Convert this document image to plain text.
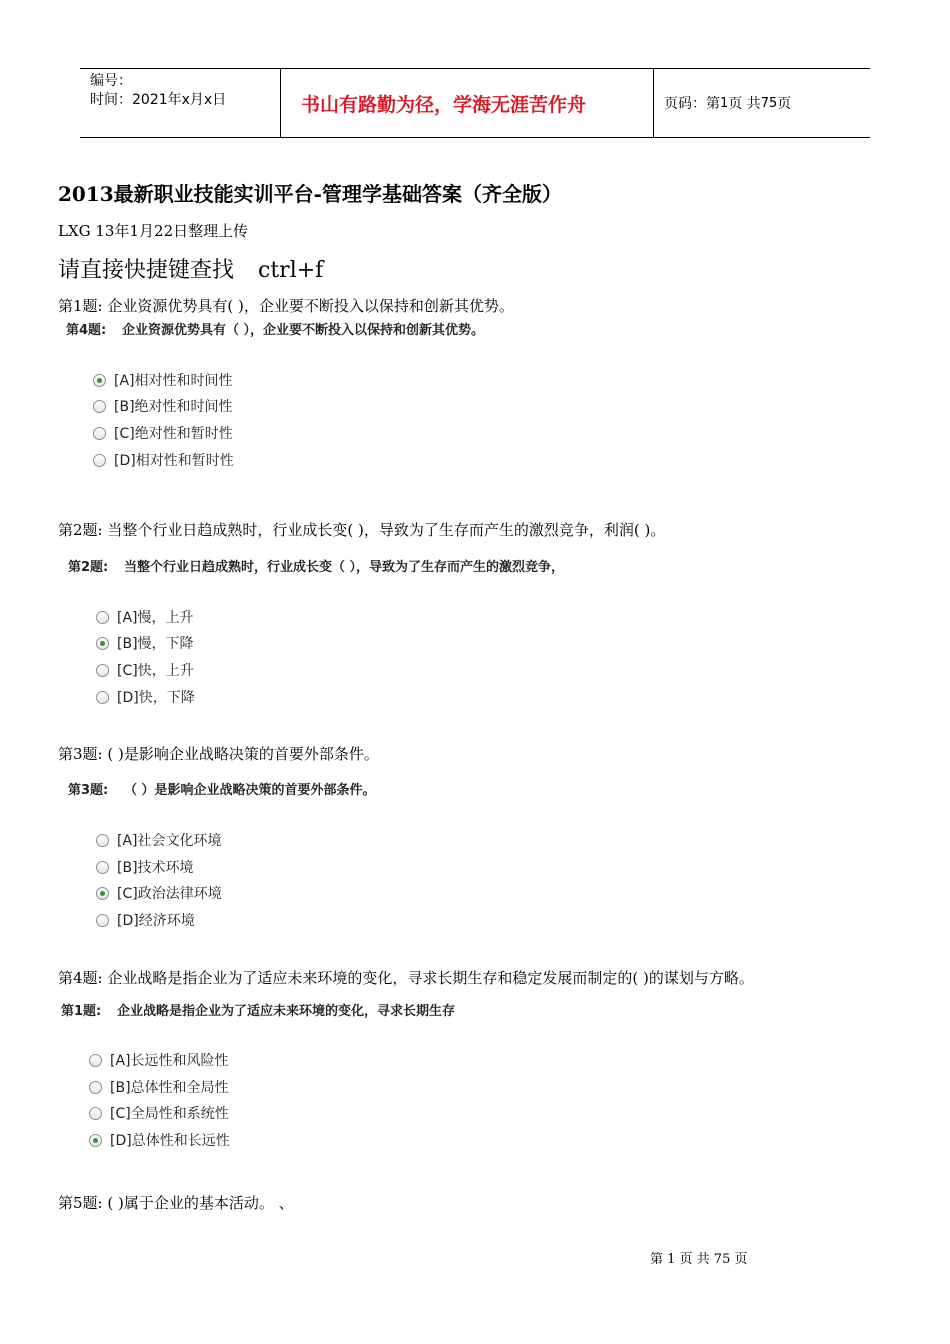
编号：
时间：2021年x月x日	书山有路勤为径，学海无涯苦作舟	页码：第 1 页 共 75 页
2013最新职业技能实训平台-管理学基础答案（齐全版）
LXG 13年1月22日整理上传
请直接快捷键查找 ctrl+f
第1题: 企业资源优势具有( )，企业要不断投入以保持和创新其优势。
第4题: 企业资源优势具有（ ），企业要不断投入以保持和创新其优势。
[A]相对性和时间性
[B]绝对性和时间性
[C]绝对性和暂时性
[D]相对性和暂时性
第2题: 当整个行业日趋成熟时，行业成长变( )，导致为了生存而产生的激烈竞争，利润( )。
第2题: 当整个行业日趋成熟时，行业成长变（ ），导致为了生存而产生的激烈竞争，
[A]慢，上升
[B]慢，下降
[C]快，上升
[D]快，下降
第3题: ( )是影响企业战略决策的首要外部条件。
第3题: （ ）是影响企业战略决策的首要外部条件。
[A]社会文化环境
[B]技术环境
[C]政治法律环境
[D]经济环境
第4题: 企业战略是指企业为了适应未来环境的变化，寻求长期生存和稳定发展而制定的( )的谋划与方略。
第1题: 企业战略是指企业为了适应未来环境的变化，寻求长期生存
[A]长远性和风险性
[B]总体性和全局性
[C]全局性和系统性
[D]总体性和长远性
第5题: ( )属于企业的基本活动。 、
第 1 页 共 75 页
